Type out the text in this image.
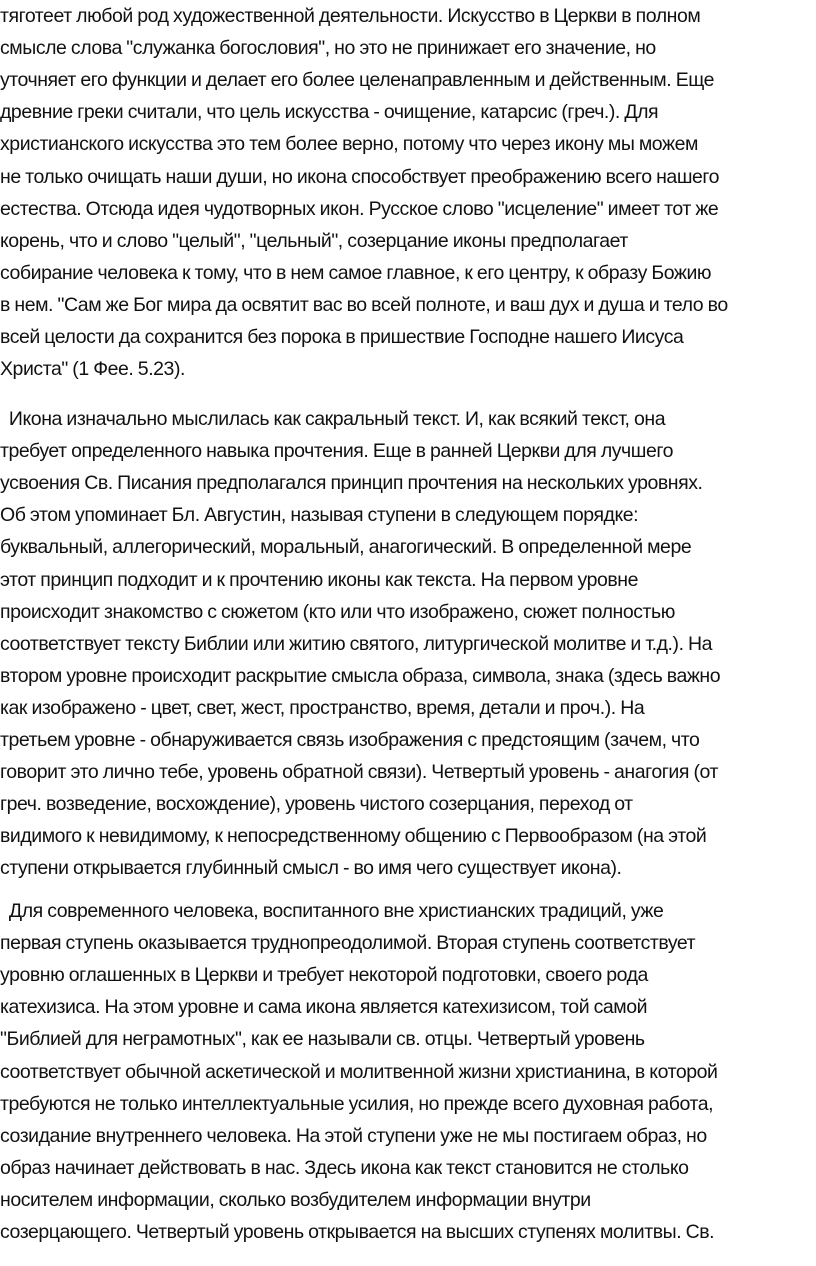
тяготеет любой род художественной деятельности. Искусство в Церкви в полном
смысле слова "служанка богословия", но это не принижает его значение, но
уточняет его функции и делает его более целенаправленным и действенным. Еще
древние греки считали, что цель искусства - очищение, катарсис (греч.). Для
христианского искусства это тем более верно, потому что через икону мы можем
не только очищать наши души, но икона способствует преображению всего нашего
естества. Отсюда идея чудотворных икон. Русское слово "исцеление" имеет тот же
корень, что и слово "целый", "цельный", созерцание иконы предполагает
собирание человека к тому, что в нем самое главное, к его центру, к образу Божию
в нем. "Сам же Бог мира да освятит вас во всей полноте, и ваш дух и душа и тело во
всей целости да сохранится без порока в пришествие Господне нашего Иисуса
Христа" (1 Фее. 5.23).
Икона изначально мыслилась как сакральный текст. И, как всякий текст, она
требует определенного навыка прочтения. Еще в ранней Церкви для лучшего
усвоения Св. Писания предполагался принцип прочтения на нескольких уровнях.
Об этом упоминает Бл. Августин, называя ступени в следующем порядке:
буквальный, аллегорический, моральный, анагогический. В определенной мере
этот принцип подходит и к прочтению иконы как текста. На первом уровне
происходит знакомство с сюжетом (кто или что изображено, сюжет полностью
соответствует тексту Библии или житию святого, литургической молитве и т.д.). На
втором уровне происходит раскрытие смысла образа, символа, знака (здесь важно
как изображено - цвет, свет, жест, пространство, время, детали и проч.). На
третьем уровне - обнаруживается связь изображения с предстоящим (зачем, что
говорит это лично тебе, уровень обратной связи). Четвертый уровень - анагогия (от
греч. возведение, восхождение), уровень чистого созерцания, переход от
видимого к невидимому, к непосредственному общению с Первообразом (на этой
ступени открывается глубинный смысл - во имя чего существует икона).
Для современного человека, воспитанного вне христианских традиций, уже
первая ступень оказывается труднопреодолимой. Вторая ступень соответствует
уровню оглашенных в Церкви и требует некоторой подготовки, своего рода
катехизиса. На этом уровне и сама икона является катехизисом, той самой
"Библией для неграмотных", как ее называли св. отцы. Четвертый уровень
соответствует обычной аскетической и молитвенной жизни христианина, в которой
требуются не только интеллектуальные усилия, но прежде всего духовная работа,
созидание внутреннего человека. На этой ступени уже не мы постигаем образ, но
образ начинает действовать в нас. Здесь икона как текст становится не столько
носителем информации, сколько возбудителем информации внутри
созерцающего. Четвертый уровень открывается на высших ступенях молитвы. Св.
